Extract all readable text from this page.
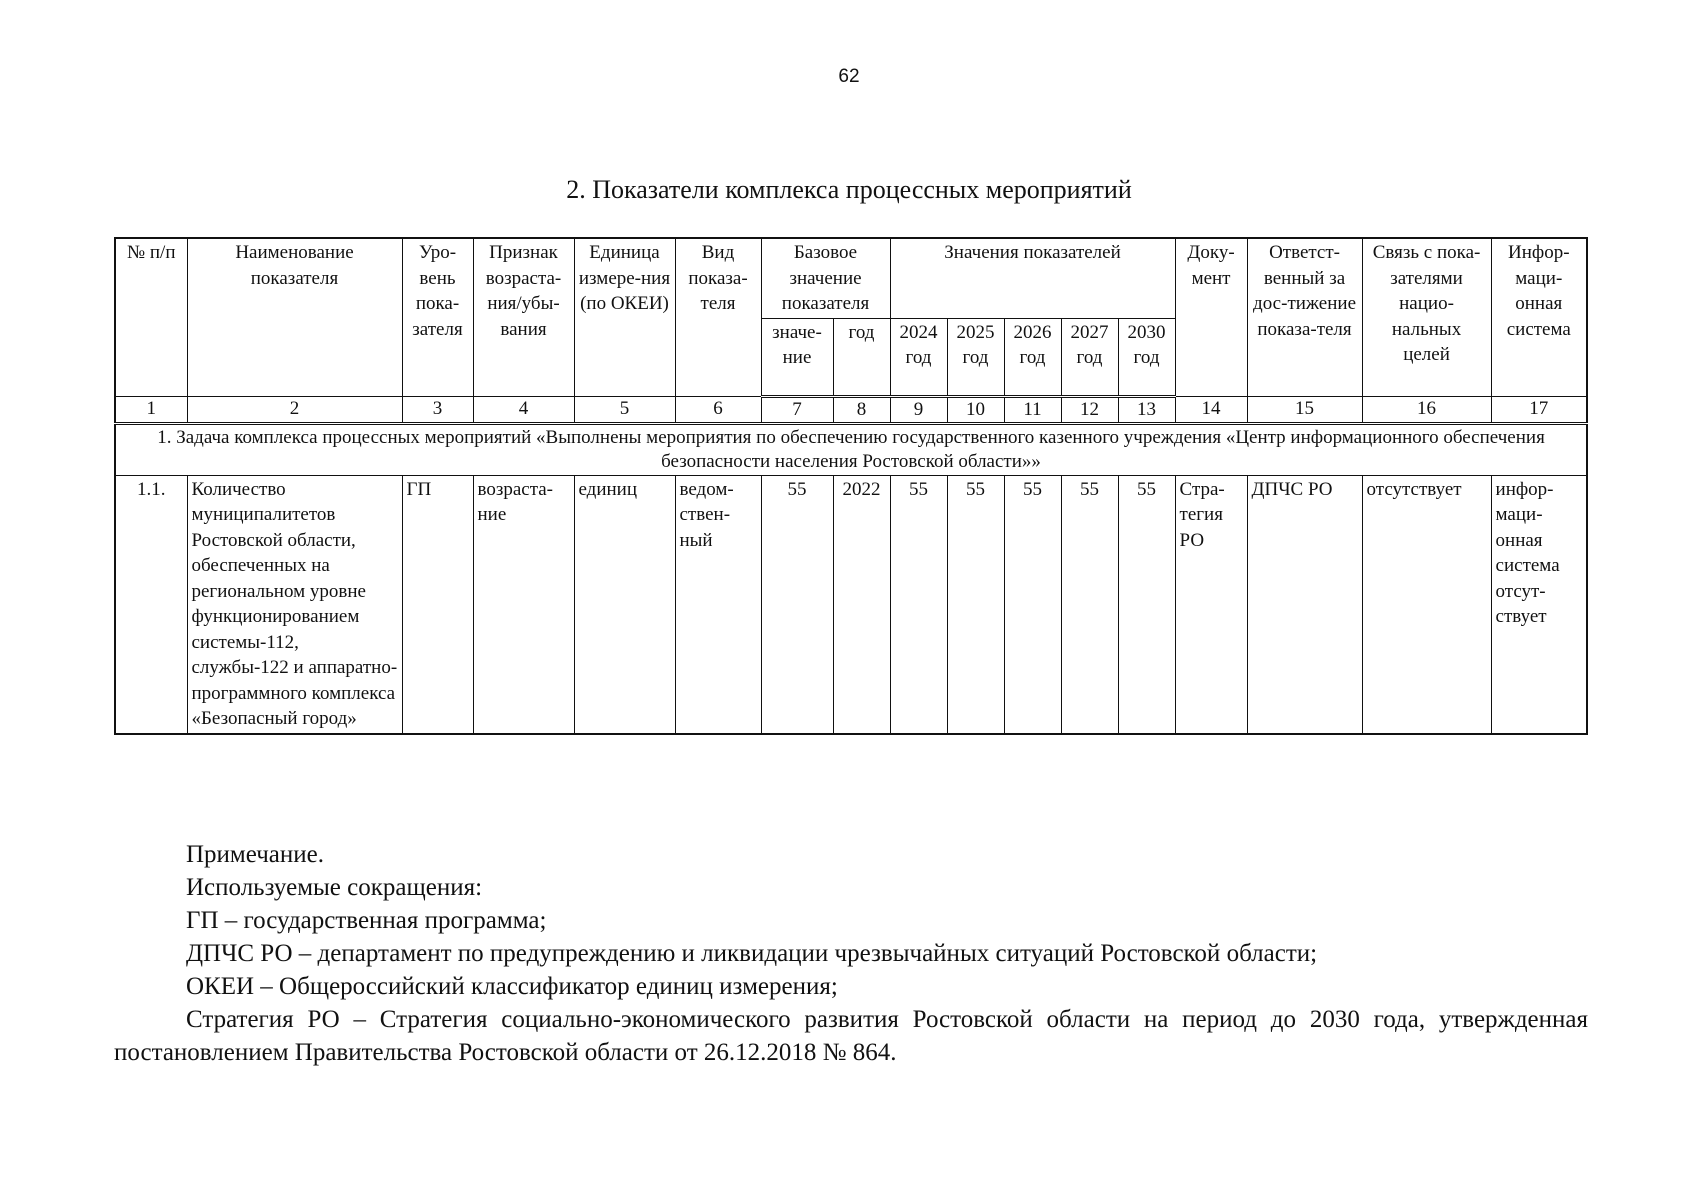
62
2. Показатели комплекса процессных мероприятий
№ п/п	Наименование показателя	Уро-вень пока-зателя	Признак возраста-ния/убы-вания	Единица измере-ния (по ОКЕИ)	Вид показа-теля	Базовое значение показателя		Значения показателей					Доку-мент	Ответст-венный за дос-тижение показа-теля	Связь с пока-зателями нацио-нальных целей	Инфор-маци-онная система
						значе-ние	год	2024 год	2025 год	2026 год	2027 год	2030 год				
1	2	3	4	5	6	7	8	9	10	11	12	13	14	15	16	17
1. Задача комплекса процессных мероприятий «Выполнены мероприятия по обеспечению государственного казенного учреждения «Центр информационного обеспечения безопасности населения Ростовской области»»																
1.1.	Количество муниципалитетов Ростовской области, обеспеченных на региональном уровне функционированием системы-112, службы-122 и аппаратно-программного комплекса «Безопасный город»	ГП	возраста-ние	единиц	ведом-ствен-ный	55	2022	55	55	55	55	55	Стра-тегия РО	ДПЧС РО	отсутствует	инфор-маци-онная система отсут-ствует

Примечание.

Используемые сокращения:

ГП – государственная программа;

ДПЧС РО – департамент по предупреждению и ликвидации чрезвычайных ситуаций Ростовской области;

ОКЕИ – Общероссийский классификатор единиц измерения;

Стратегия РО – Стратегия социально-экономического развития Ростовской области на период до 2030 года, утвержденная постановлением Правительства Ростовской области от 26.12.2018 № 864.
